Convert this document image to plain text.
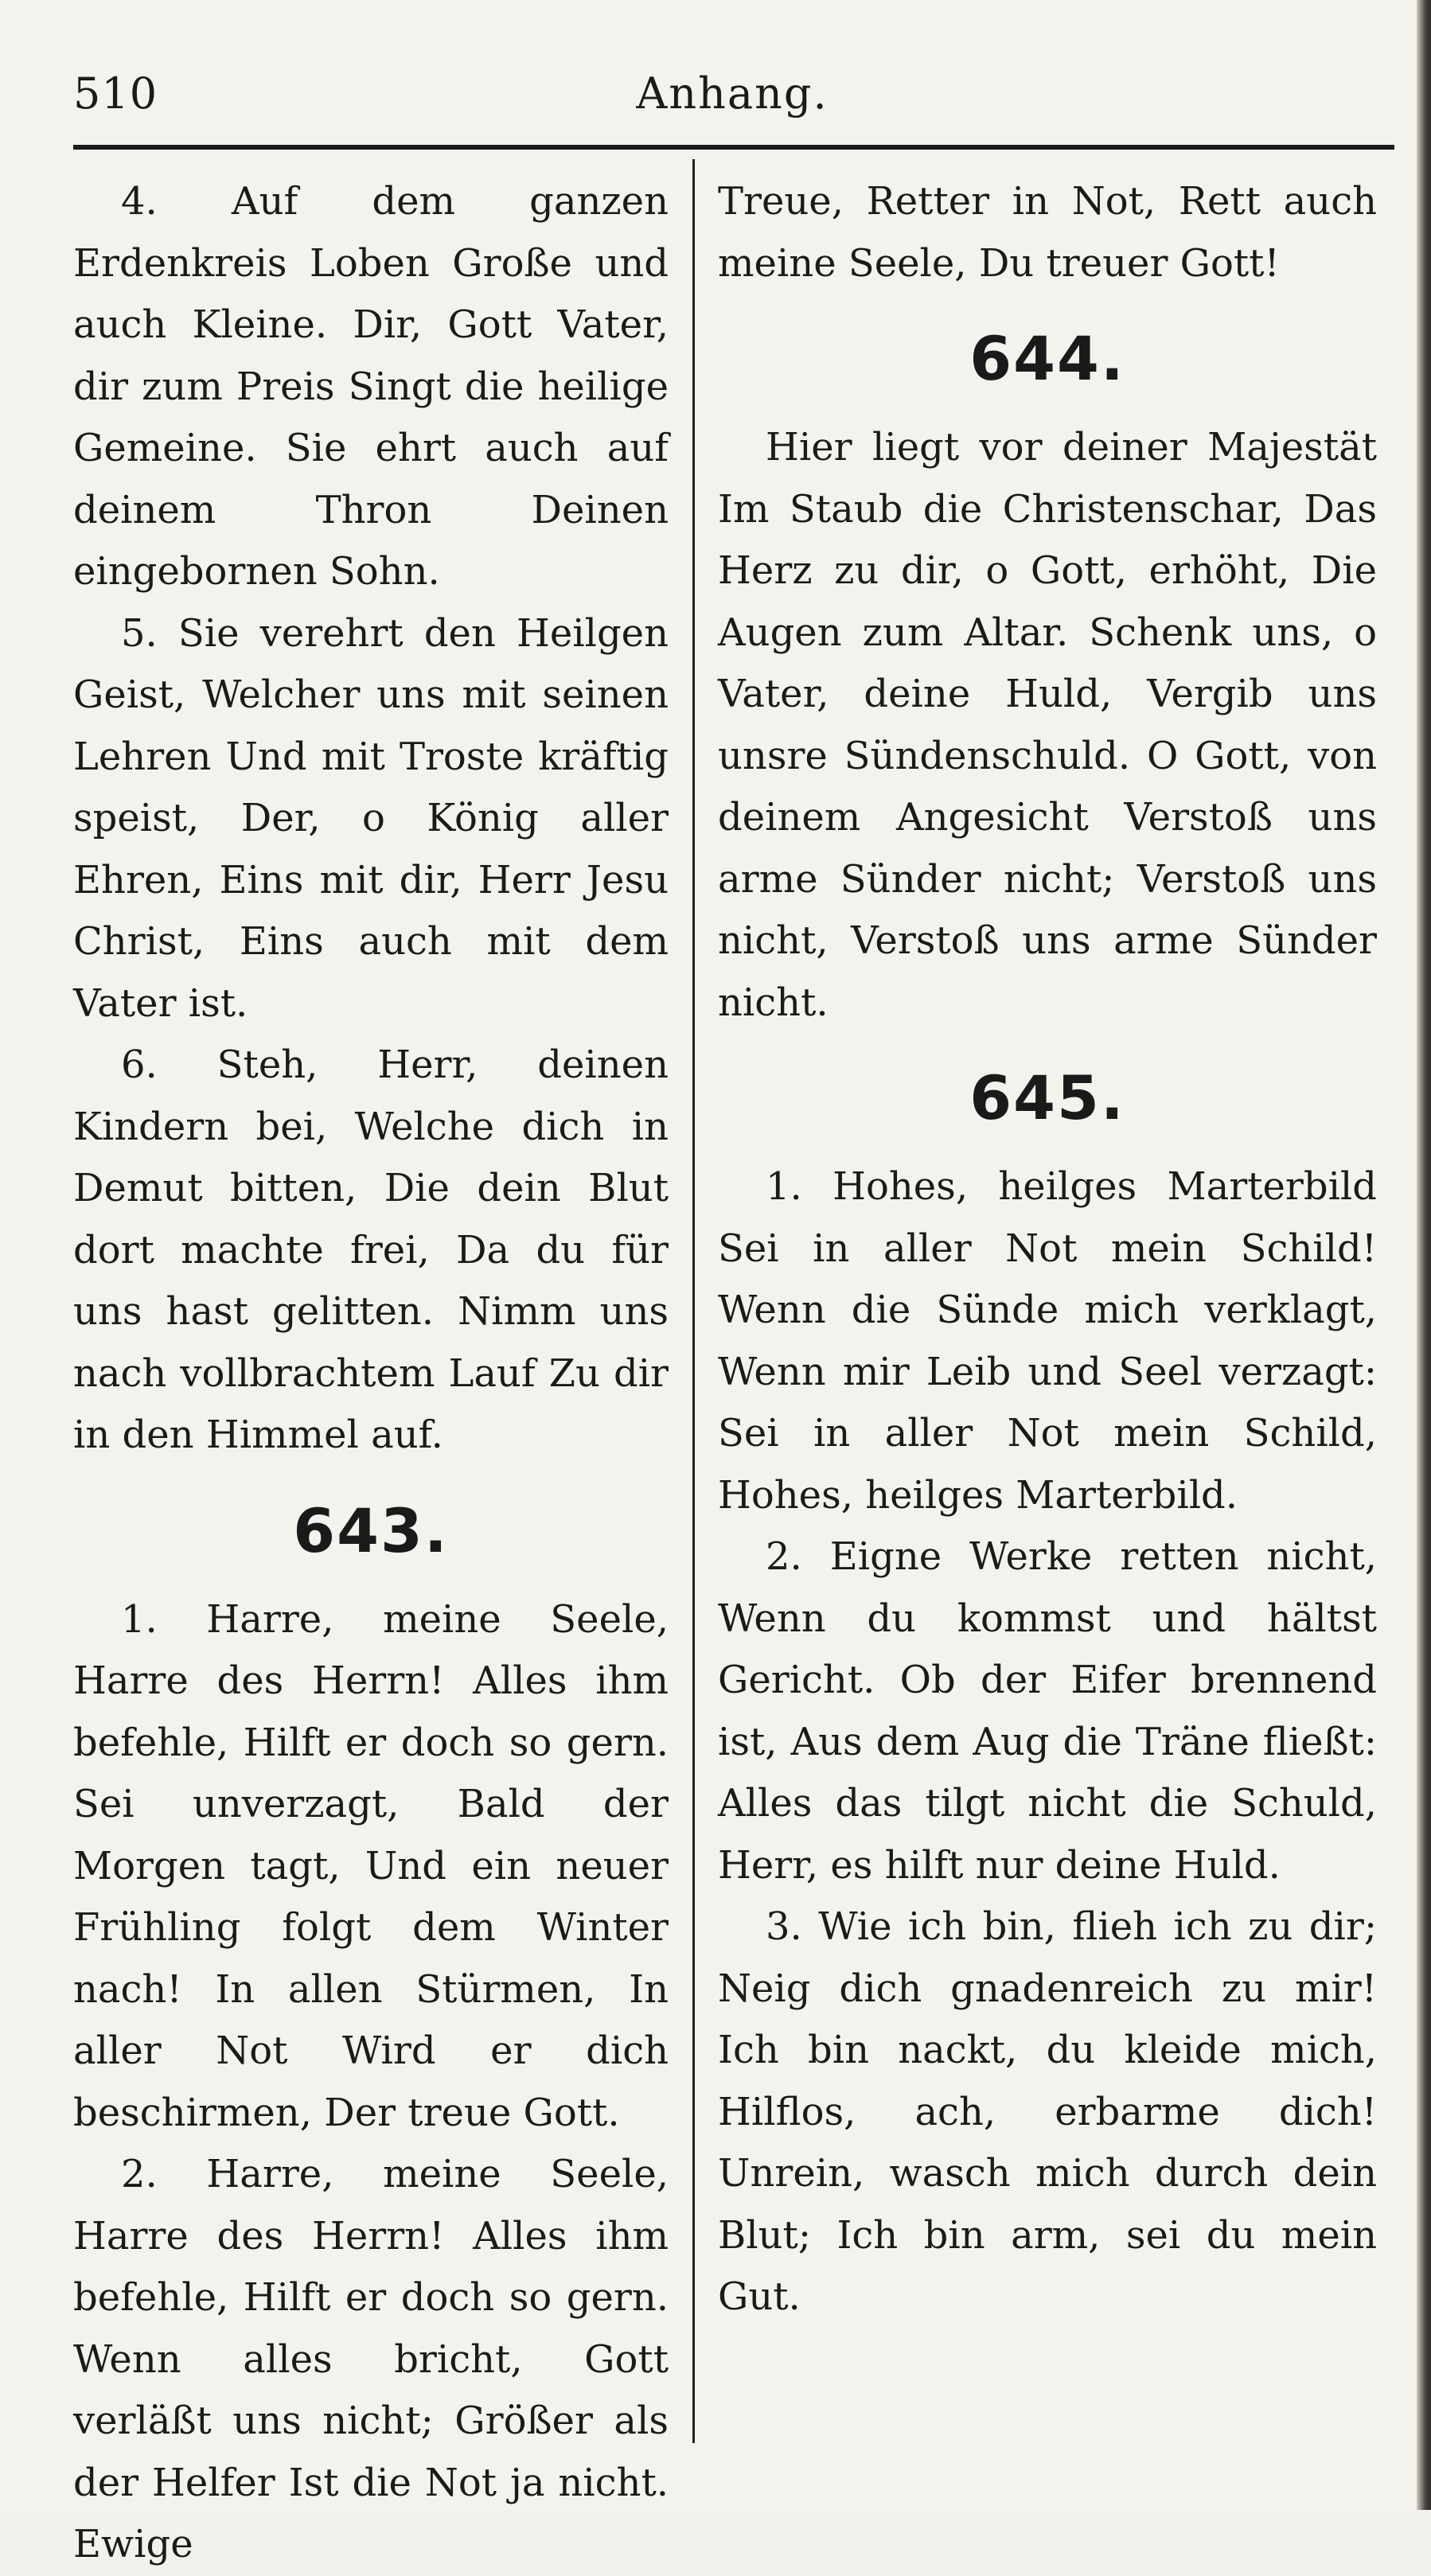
510	Anhang.

4. Auf dem ganzen Erdenkreis Loben Große und auch Kleine. Dir, Gott Vater, dir zum Preis Singt die heilige Gemeine. Sie ehrt auch auf deinem Thron Deinen eingebornen Sohn.

5. Sie verehrt den Heilgen Geist, Welcher uns mit seinen Lehren Und mit Troste kräftig speist, Der, o König aller Ehren, Eins mit dir, Herr Jesu Christ, Eins auch mit dem Vater ist.

6. Steh, Herr, deinen Kindern bei, Welche dich in Demut bitten, Die dein Blut dort machte frei, Da du für uns hast gelitten. Nimm uns nach vollbrachtem Lauf Zu dir in den Himmel auf.

643.

1. Harre, meine Seele, Harre des Herrn! Alles ihm befehle, Hilft er doch so gern. Sei unverzagt, Bald der Morgen tagt, Und ein neuer Frühling folgt dem Winter nach! In allen Stürmen, In aller Not Wird er dich beschirmen, Der treue Gott.

2. Harre, meine Seele, Harre des Herrn! Alles ihm befehle, Hilft er doch so gern. Wenn alles bricht, Gott verläßt uns nicht; Größer als der Helfer Ist die Not ja nicht. Ewige

Treue, Retter in Not, Rett auch meine Seele, Du treuer Gott!

644.

Hier liegt vor deiner Majestät Im Staub die Christenschar, Das Herz zu dir, o Gott, erhöht, Die Augen zum Altar. Schenk uns, o Vater, deine Huld, Vergib uns unsre Sündenschuld. O Gott, von deinem Angesicht Verstoß uns arme Sünder nicht; Verstoß uns nicht, Verstoß uns arme Sünder nicht.

645.

1. Hohes, heilges Marterbild Sei in aller Not mein Schild! Wenn die Sünde mich verklagt, Wenn mir Leib und Seel verzagt: Sei in aller Not mein Schild, Hohes, heilges Marterbild.

2. Eigne Werke retten nicht, Wenn du kommst und hältst Gericht. Ob der Eifer brennend ist, Aus dem Aug die Träne fließt: Alles das tilgt nicht die Schuld, Herr, es hilft nur deine Huld.

3. Wie ich bin, flieh ich zu dir; Neig dich gnadenreich zu mir! Ich bin nackt, du kleide mich, Hilflos, ach, erbarme dich! Unrein, wasch mich durch dein Blut; Ich bin arm, sei du mein Gut.
